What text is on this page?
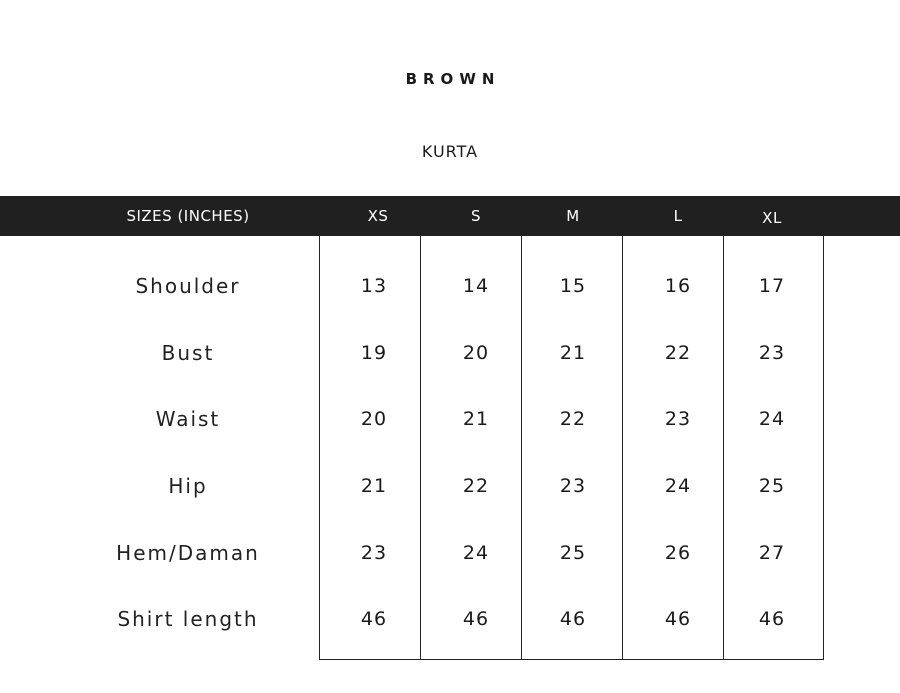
BROWN
KURTA
SIZES (INCHES)	XS	S	M	L	XL
Shoulder	13	14	15	16	17
Bust	19	20	21	22	23
Waist	20	21	22	23	24
Hip	21	22	23	24	25
Hem/Daman	23	24	25	26	27
Shirt length	46	46	46	46	46
